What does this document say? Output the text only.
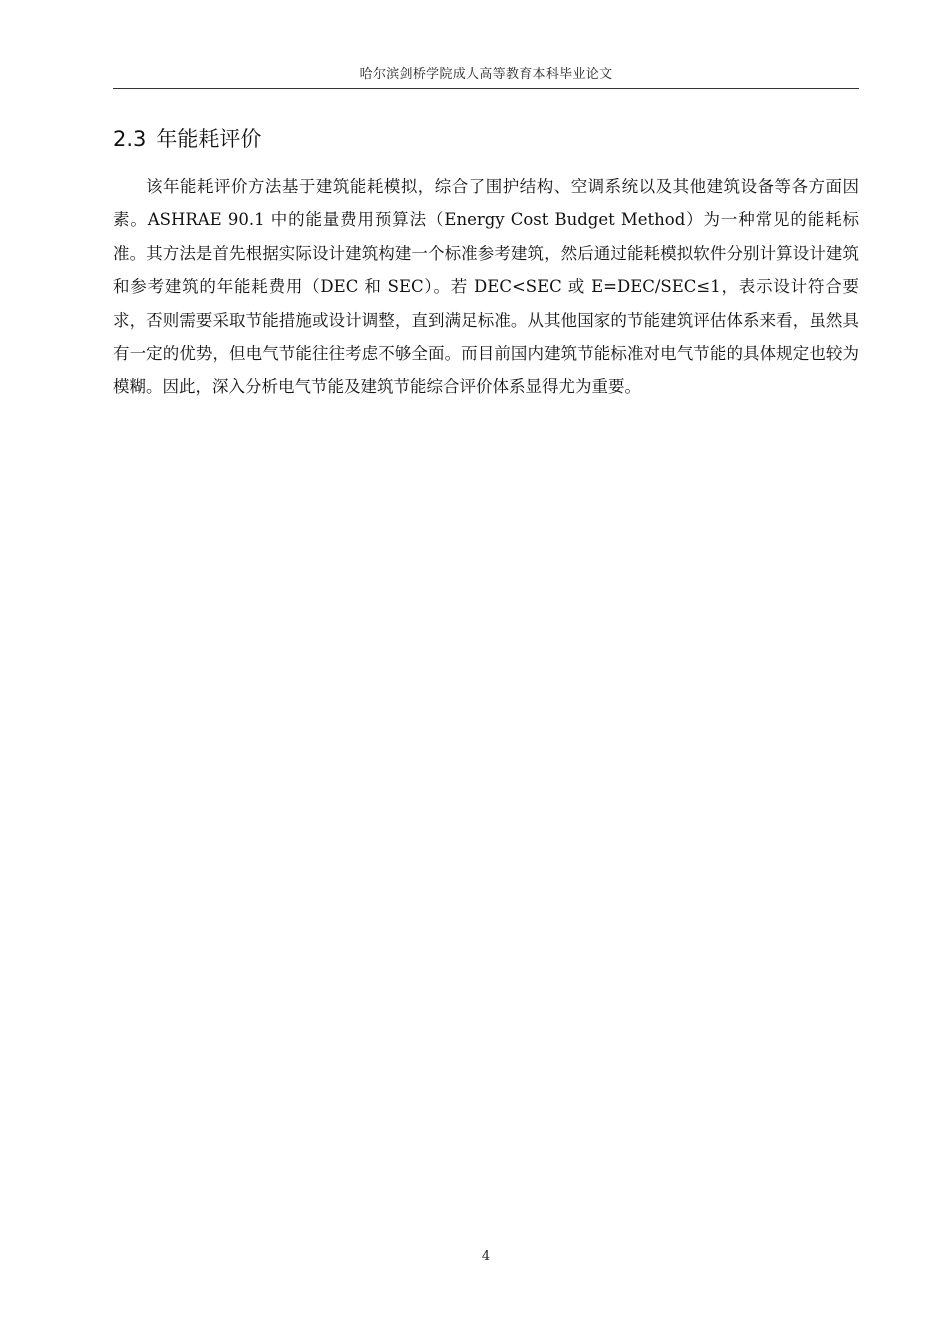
哈尔滨剑桥学院成人高等教育本科毕业论文
2.3 年能耗评价

该年能耗评价方法基于建筑能耗模拟，综合了围护结构、空调系统以及其他建筑设备等各方面因素。ASHRAE 90.1 中的能量费用预算法（Energy Cost Budget Method）为一种常见的能耗标准。其方法是首先根据实际设计建筑构建一个标准参考建筑，然后通过能耗模拟软件分别计算设计建筑和参考建筑的年能耗费用（DEC 和 SEC）。若 DEC<SEC 或 E=DEC/SEC≤1，表示设计符合要求，否则需要采取节能措施或设计调整，直到满足标准。从其他国家的节能建筑评估体系来看，虽然具有一定的优势，但电气节能往往考虑不够全面。而目前国内建筑节能标准对电气节能的具体规定也较为模糊。因此，深入分析电气节能及建筑节能综合评价体系显得尤为重要。

4
